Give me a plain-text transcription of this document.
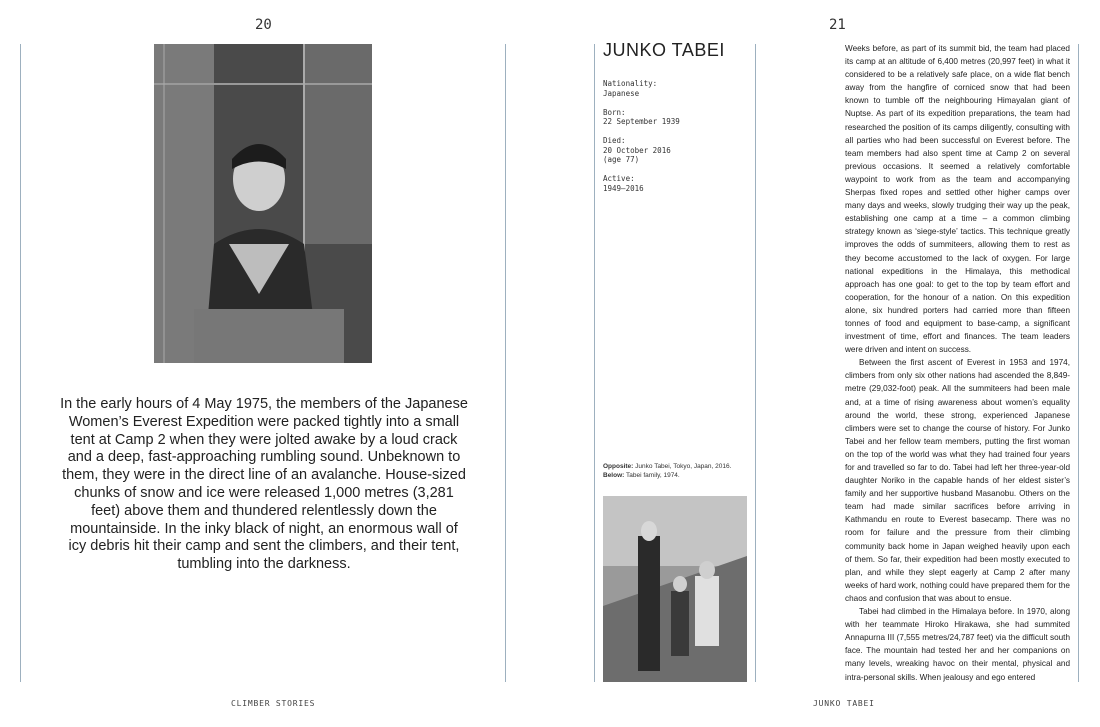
20	21
In the early hours of 4 May 1975, the members of the Japanese Women’s Everest Expedition were packed tightly into a small tent at Camp 2 when they were jolted awake by a loud crack and a deep, fast-approaching rumbling sound. Unbeknown to them, they were in the direct line of an avalanche. House-sized chunks of snow and ice were released 1,000 metres (3,281 feet) above them and thundered relentlessly down the mountainside. In the inky black of night, an enormous wall of icy debris hit their camp and sent the climbers, and their tent, tumbling into the darkness.
JUNKO TABEI
Nationality:
Japanese
Born:
22 September 1939
Died:
20 October 2016
(age 77)
Active:
1949–2016
Opposite: Junko Tabei, Tokyo, Japan, 2016.
Below: Tabei family, 1974.

Weeks before, as part of its summit bid, the team had placed its camp at an altitude of 6,400 metres (20,997 feet) in what it considered to be a relatively safe place, on a wide flat bench away from the hangfire of corniced snow that had been known to tumble off the neighbouring Himayalan giant of Nuptse. As part of its expedition preparations, the team had researched the position of its camps diligently, consulting with all parties who had been successful on Everest before. The team members had also spent time at Camp 2 on several previous occasions. It seemed a relatively comfortable waypoint to work from as the team and accompanying Sherpas fixed ropes and settled other higher camps over many days and weeks, slowly trudging their way up the peak, establishing one camp at a time – a common climbing strategy known as ‘siege-style’ tactics. This technique greatly improves the odds of summiteers, allowing them to rest as they become accustomed to the lack of oxygen. For large national expeditions in the Himalaya, this methodical approach has one goal: to get to the top by team effort and cooperation, for the honour of a nation. On this expedition alone, six hundred porters had carried more than fifteen tonnes of food and equipment to base-camp, a significant investment of time, effort and finances. The team leaders were driven and intent on success.

Between the first ascent of Everest in 1953 and 1974, climbers from only six other nations had ascended the 8,849-metre (29,032-foot) peak. All the summiteers had been male and, at a time of rising awareness about women’s equality around the world, these strong, experienced Japanese climbers were set to change the course of history. For Junko Tabei and her fellow team members, putting the first woman on the top of the world was what they had trained four years for and travelled so far to do. Tabei had left her three-year-old daughter Noriko in the capable hands of her eldest sister’s family and her supportive husband Masanobu. Others on the team had made similar sacrifices before arriving in Kathmandu en route to Everest basecamp. There was no room for failure and the pressure from their climbing community back home in Japan weighed heavily upon each of them. So far, their expedition had been mostly executed to plan, and while they slept eagerly at Camp 2 after many weeks of hard work, nothing could have prepared them for the chaos and confusion that was about to ensue.

Tabei had climbed in the Himalaya before. In 1970, along with her teammate Hiroko Hirakawa, she had summited Annapurna III (7,555 metres/24,787 feet) via the difficult south face. The mountain had tested her and her companions on many levels, wreaking havoc on their mental, physical and intra-personal skills. When jealousy and ego entered

CLIMBER STORIES	JUNKO TABEI
